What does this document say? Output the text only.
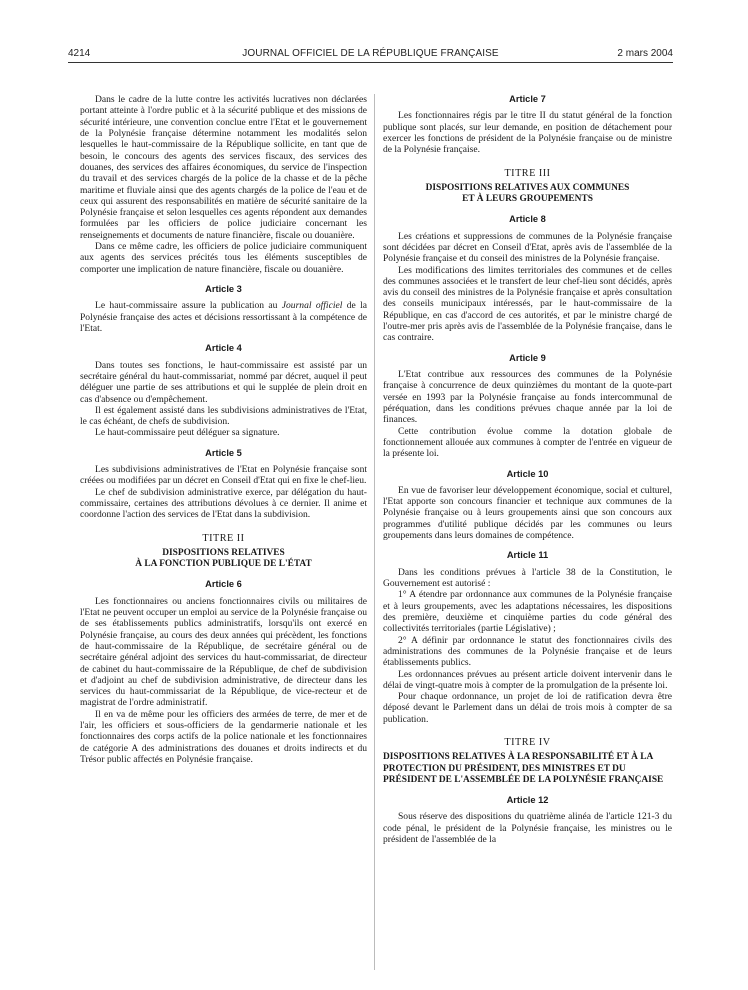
4214	JOURNAL OFFICIEL DE LA RÉPUBLIQUE FRANÇAISE	2 mars 2004

Dans le cadre de la lutte contre les activités lucratives non déclarées portant atteinte à l'ordre public et à la sécurité publique et des missions de sécurité intérieure, une convention conclue entre l'Etat et le gouvernement de la Polynésie française détermine notamment les modalités selon lesquelles le haut-commissaire de la République sollicite, en tant que de besoin, le concours des agents des services fiscaux, des services des douanes, des services des affaires économiques, du service de l'inspection du travail et des services chargés de la police de la chasse et de la pêche maritime et fluviale ainsi que des agents chargés de la police de l'eau et de ceux qui assurent des responsabilités en matière de sécurité sanitaire de la Polynésie française et selon lesquelles ces agents répondent aux demandes formulées par les officiers de police judiciaire concernant les renseignements et documents de nature financière, fiscale ou douanière.

Dans ce même cadre, les officiers de police judiciaire communiquent aux agents des services précités tous les éléments susceptibles de comporter une implication de nature financière, fiscale ou douanière.

Article 3

Le haut-commissaire assure la publication au Journal officiel de la Polynésie française des actes et décisions ressortissant à la compétence de l'Etat.

Article 4

Dans toutes ses fonctions, le haut-commissaire est assisté par un secrétaire général du haut-commissariat, nommé par décret, auquel il peut déléguer une partie de ses attributions et qui le supplée de plein droit en cas d'absence ou d'empêchement.

Il est également assisté dans les subdivisions administratives de l'Etat, le cas échéant, de chefs de subdivision.

Le haut-commissaire peut déléguer sa signature.

Article 5

Les subdivisions administratives de l'Etat en Polynésie française sont créées ou modifiées par un décret en Conseil d'Etat qui en fixe le chef-lieu.

Le chef de subdivision administrative exerce, par délégation du haut-commissaire, certaines des attributions dévolues à ce dernier. Il anime et coordonne l'action des services de l'Etat dans la subdivision.

TITRE II
DISPOSITIONS RELATIVES
À LA FONCTION PUBLIQUE DE L'ÉTAT
Article 6

Les fonctionnaires ou anciens fonctionnaires civils ou militaires de l'Etat ne peuvent occuper un emploi au service de la Polynésie française ou de ses établissements publics administratifs, lorsqu'ils ont exercé en Polynésie française, au cours des deux années qui précèdent, les fonctions de haut-commissaire de la République, de secrétaire général ou de secrétaire général adjoint des services du haut-commissariat, de directeur de cabinet du haut-commissaire de la République, de chef de subdivision et d'adjoint au chef de subdivision administrative, de directeur dans les services du haut-commissariat de la République, de vice-recteur et de magistrat de l'ordre administratif.

Il en va de même pour les officiers des armées de terre, de mer et de l'air, les officiers et sous-officiers de la gendarmerie nationale et les fonctionnaires des corps actifs de la police nationale et les fonctionnaires de catégorie A des administrations des douanes et droits indirects et du Trésor public affectés en Polynésie française.

Article 7

Les fonctionnaires régis par le titre II du statut général de la fonction publique sont placés, sur leur demande, en position de détachement pour exercer les fonctions de président de la Polynésie française ou de ministre de la Polynésie française.

TITRE III
DISPOSITIONS RELATIVES AUX COMMUNES
ET À LEURS GROUPEMENTS
Article 8

Les créations et suppressions de communes de la Polynésie française sont décidées par décret en Conseil d'Etat, après avis de l'assemblée de la Polynésie française et du conseil des ministres de la Polynésie française.

Les modifications des limites territoriales des communes et de celles des communes associées et le transfert de leur chef-lieu sont décidés, après avis du conseil des ministres de la Polynésie française et après consultation des conseils municipaux intéressés, par le haut-commissaire de la République, en cas d'accord de ces autorités, et par le ministre chargé de l'outre-mer pris après avis de l'assemblée de la Polynésie française, dans le cas contraire.

Article 9

L'Etat contribue aux ressources des communes de la Polynésie française à concurrence de deux quinzièmes du montant de la quote-part versée en 1993 par la Polynésie française au fonds intercommunal de péréquation, dans les conditions prévues chaque année par la loi de finances.

Cette contribution évolue comme la dotation globale de fonctionnement allouée aux communes à compter de l'entrée en vigueur de la présente loi.

Article 10

En vue de favoriser leur développement économique, social et culturel, l'Etat apporte son concours financier et technique aux communes de la Polynésie française ou à leurs groupements ainsi que son concours aux programmes d'utilité publique décidés par les communes ou leurs groupements dans leurs domaines de compétence.

Article 11

Dans les conditions prévues à l'article 38 de la Constitution, le Gouvernement est autorisé :

1° A étendre par ordonnance aux communes de la Polynésie française et à leurs groupements, avec les adaptations nécessaires, les dispositions des première, deuxième et cinquième parties du code général des collectivités territoriales (partie Législative) ;

2° A définir par ordonnance le statut des fonctionnaires civils des administrations des communes de la Polynésie française et de leurs établissements publics.

Les ordonnances prévues au présent article doivent intervenir dans le délai de vingt-quatre mois à compter de la promulgation de la présente loi.

Pour chaque ordonnance, un projet de loi de ratification devra être déposé devant le Parlement dans un délai de trois mois à compter de sa publication.

TITRE IV
DISPOSITIONS RELATIVES À LA RESPONSABILITÉ ET À LA PROTECTION DU PRÉSIDENT, DES MINISTRES ET DU PRÉSIDENT DE L'ASSEMBLÉE DE LA POLYNÉSIE FRANÇAISE
Article 12

Sous réserve des dispositions du quatrième alinéa de l'article 121-3 du code pénal, le président de la Polynésie française, les ministres ou le président de l'assemblée de la
